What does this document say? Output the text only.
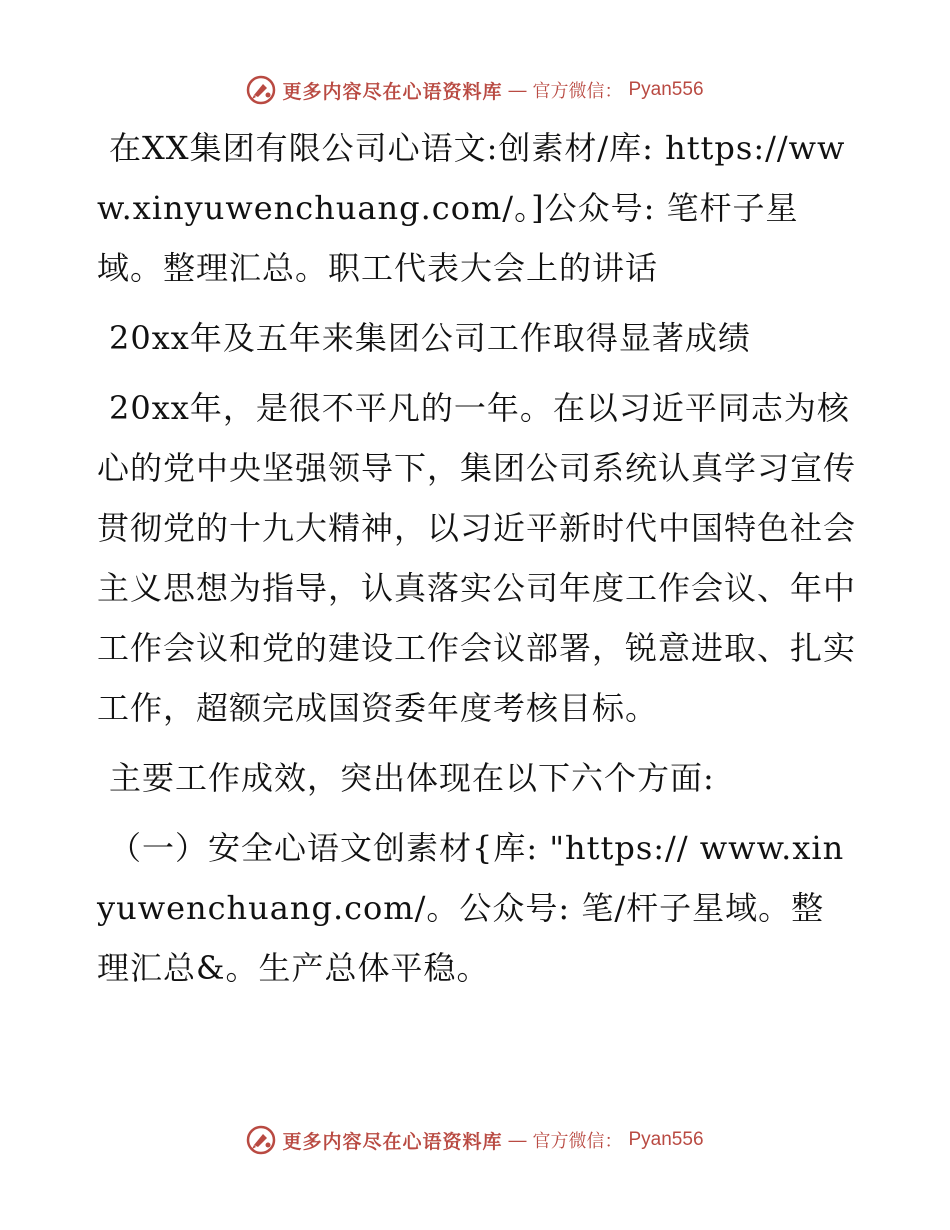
更多内容尽在心语资料库 — 官方微信： Pyan556

在XX集团有限公司心语文:创素材/库: https://www.xinyuwenchuang.com/。]公众号: 笔杆子星域。整理汇总。职工代表大会上的讲话

20xx年及五年来集团公司工作取得显著成绩

20xx年，是很不平凡的一年。在以习近平同志为核心的党中央坚强领导下，集团公司系统认真学习宣传贯彻党的十九大精神，以习近平新时代中国特色社会主义思想为指导，认真落实公司年度工作会议、年中工作会议和党的建设工作会议部署，锐意进取、扎实工作，超额完成国资委年度考核目标。

主要工作成效，突出体现在以下六个方面:

（一）安全心语文创素材{库: "https:// www.xinyuwenchuang.com/。公众号: 笔/杆子星域。整理汇总&。生产总体平稳。

更多内容尽在心语资料库 — 官方微信： Pyan556
